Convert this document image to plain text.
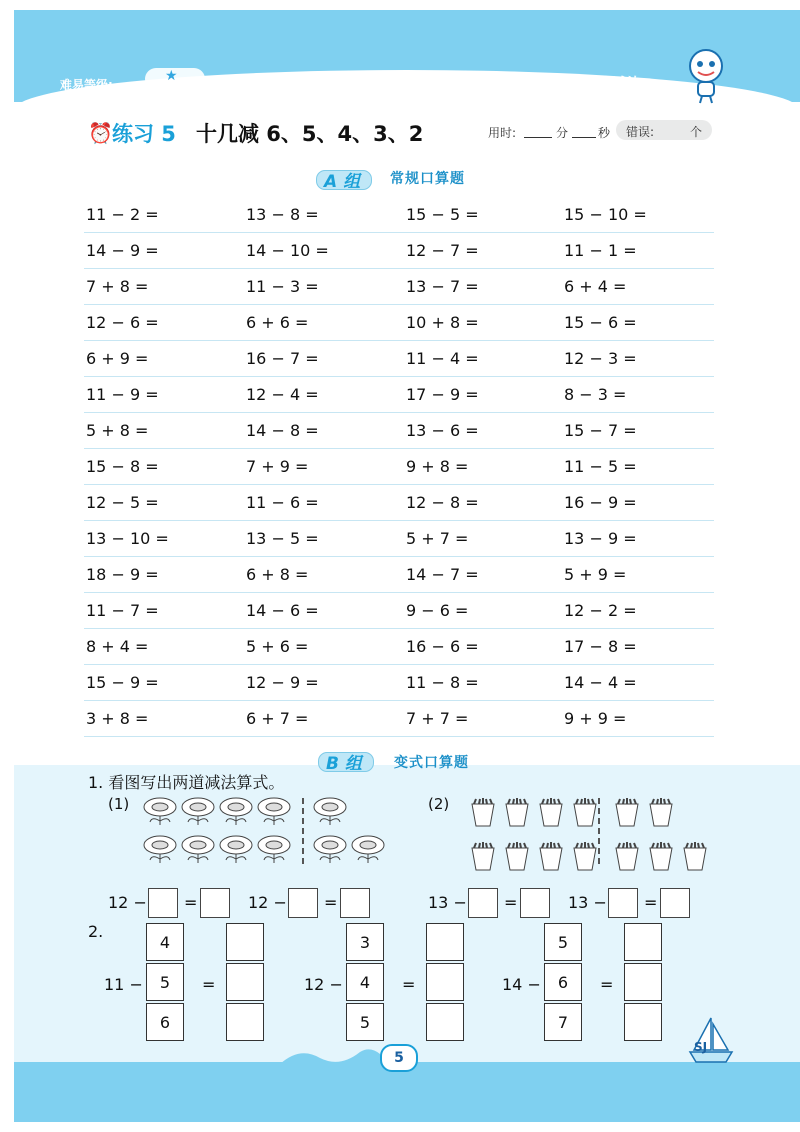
难易等级:
★	第一单元 20 以内的退位减法
⏰ 练习 5 十几减 6、5、4、3、2	用时:	分 秒 错误:	个
A 组 常规口算题
B 组 变式口算题
1. 看图写出两道减法算式。
(1)	(2)
2.
5
SJ
11 − 2 =	13 − 8 =	15 − 5 =	15 − 10 =
14 − 9 =	14 − 10 =	12 − 7 =	11 − 1 =
7 + 8 =	11 − 3 =	13 − 7 =	6 + 4 =
12 − 6 =	6 + 6 =	10 + 8 =	15 − 6 =
6 + 9 =	16 − 7 =	11 − 4 =	12 − 3 =
11 − 9 =	12 − 4 =	17 − 9 =	8 − 3 =
5 + 8 =	14 − 8 =	13 − 6 =	15 − 7 =
15 − 8 =	7 + 9 =	9 + 8 =	11 − 5 =
12 − 5 =	11 − 6 =	12 − 8 =	16 − 9 =
13 − 10 =	13 − 5 =	5 + 7 =	13 − 9 =
18 − 9 =	6 + 8 =	14 − 7 =	5 + 9 =
11 − 7 =	14 − 6 =	9 − 6 =	12 − 2 =
8 + 4 =	5 + 6 =	16 − 6 =	17 − 8 =
15 − 9 =	12 − 9 =	11 − 8 =	14 − 4 =
3 + 8 =	6 + 7 =	7 + 7 =	9 + 9 =
12 − =	12 − =	13 − =	13 − =
11 −
4
5
6
=	12 −
3
4
5
=	14 −
5
6
7
=
